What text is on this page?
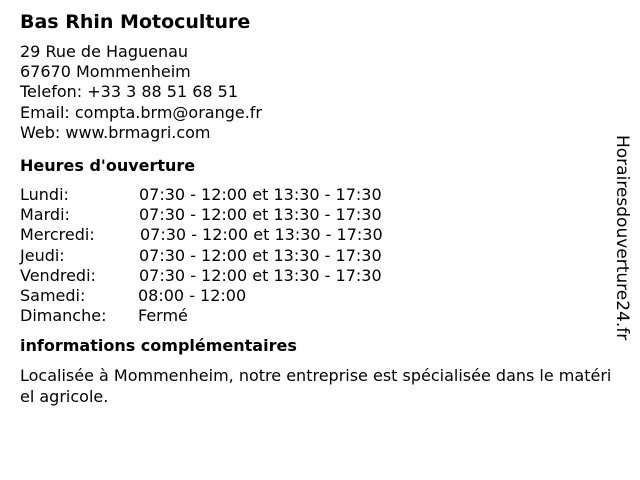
Bas Rhin Motoculture
29 Rue de Haguenau
67670 Mommenheim
Telefon: +33 3 88 51 68 51
Email: compta.brm@orange.fr
Web: www.brmagri.com
Heures d'ouverture
Lundi:	07:30 - 12:00 et 13:30 - 17:30
Mardi:	07:30 - 12:00 et 13:30 - 17:30
Mercredi:	07:30 - 12:00 et 13:30 - 17:30
Jeudi:	07:30 - 12:00 et 13:30 - 17:30
Vendredi:	07:30 - 12:00 et 13:30 - 17:30
Samedi:	08:00 - 12:00
Dimanche: Fermé
informations complémentaires
Localisée à Mommenheim, notre entreprise est spécialisée dans le matériel agricole.
Horairesdouverture24.fr
